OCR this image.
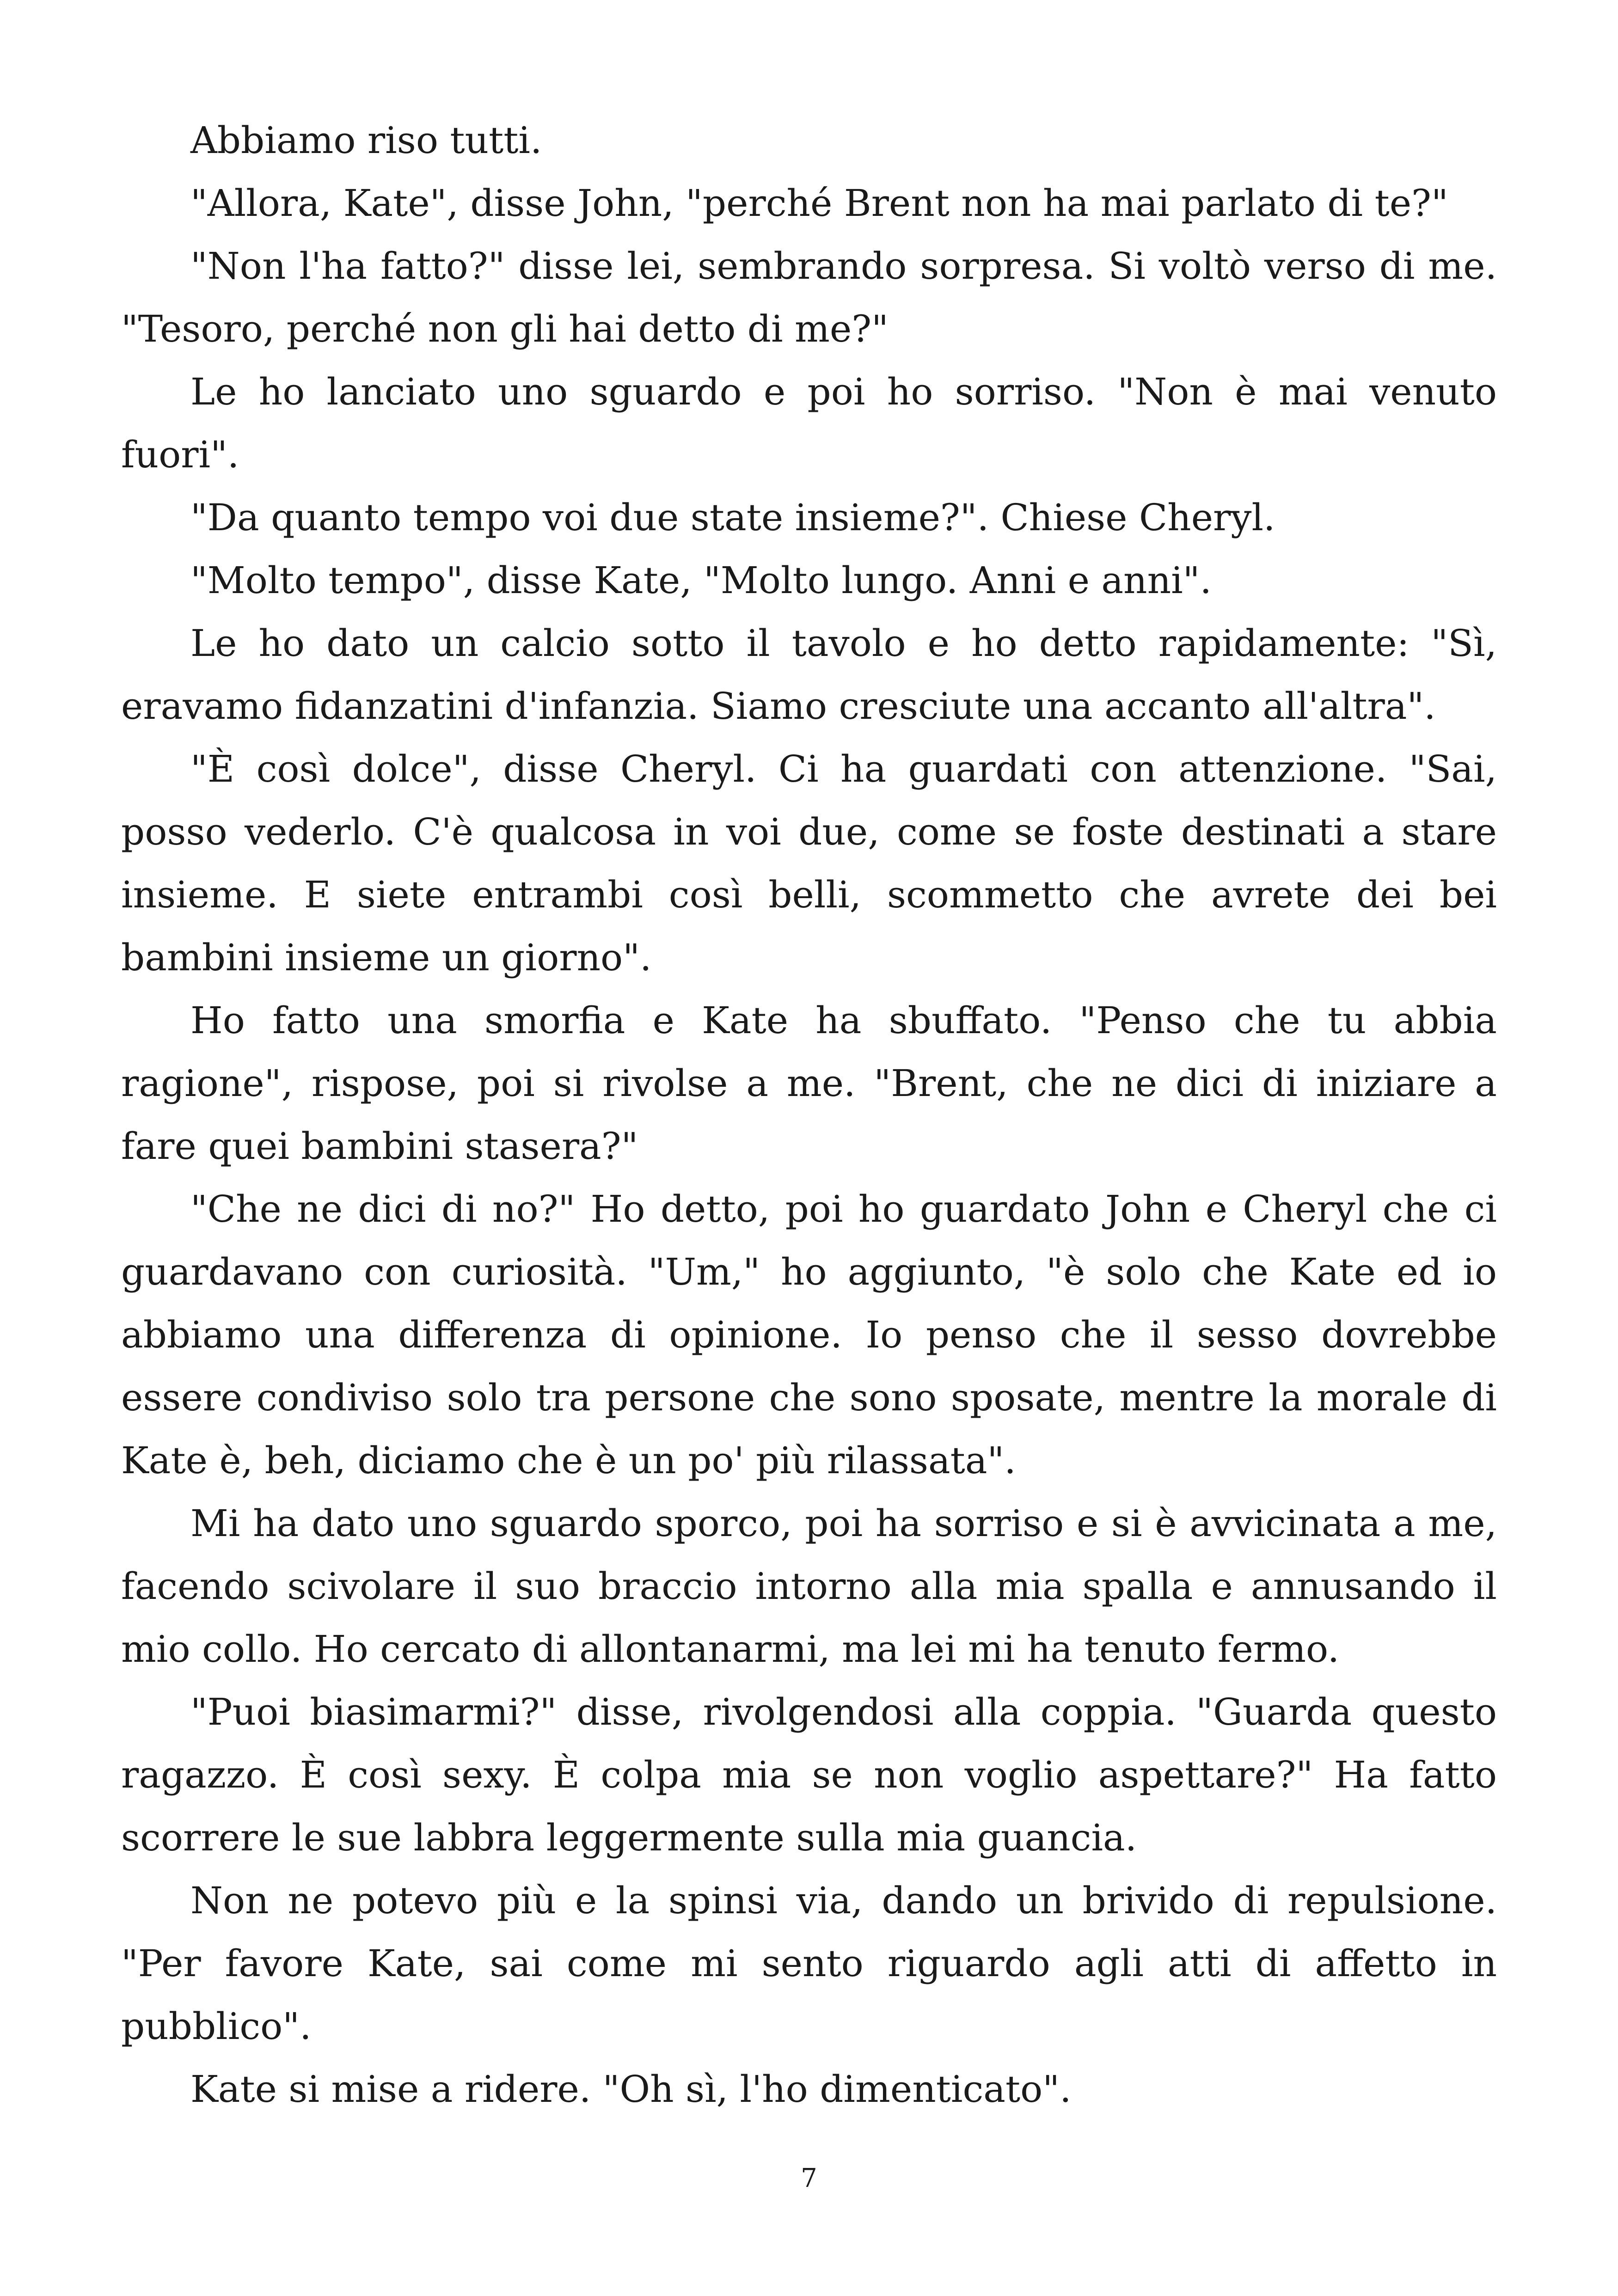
Abbiamo riso tutti.

"Allora, Kate", disse John, "perché Brent non ha mai parlato di te?"

"Non l'ha fatto?" disse lei, sembrando sorpresa. Si voltò verso di me. "Tesoro, perché non gli hai detto di me?"

Le ho lanciato uno sguardo e poi ho sorriso. "Non è mai venuto fuori".

"Da quanto tempo voi due state insieme?". Chiese Cheryl.

"Molto tempo", disse Kate, "Molto lungo. Anni e anni".

Le ho dato un calcio sotto il tavolo e ho detto rapidamente: "Sì, eravamo fidanzatini d'infanzia. Siamo cresciute una accanto all'altra".

"È così dolce", disse Cheryl. Ci ha guardati con attenzione. "Sai, posso vederlo. C'è qualcosa in voi due, come se foste destinati a stare insieme. E siete entrambi così belli, scommetto che avrete dei bei bambini insieme un giorno".

Ho fatto una smorfia e Kate ha sbuffato. "Penso che tu abbia ragione", rispose, poi si rivolse a me. "Brent, che ne dici di iniziare a fare quei bambini stasera?"

"Che ne dici di no?" Ho detto, poi ho guardato John e Cheryl che ci guardavano con curiosità. "Um," ho aggiunto, "è solo che Kate ed io abbiamo una differenza di opinione. Io penso che il sesso dovrebbe essere condiviso solo tra persone che sono sposate, mentre la morale di Kate è, beh, diciamo che è un po' più rilassata".

Mi ha dato uno sguardo sporco, poi ha sorriso e si è avvicinata a me, facendo scivolare il suo braccio intorno alla mia spalla e annusando il mio collo. Ho cercato di allontanarmi, ma lei mi ha tenuto fermo.

"Puoi biasimarmi?" disse, rivolgendosi alla coppia. "Guarda questo ragazzo. È così sexy. È colpa mia se non voglio aspettare?" Ha fatto scorrere le sue labbra leggermente sulla mia guancia.

Non ne potevo più e la spinsi via, dando un brivido di repulsione. "Per favore Kate, sai come mi sento riguardo agli atti di affetto in pubblico".

Kate si mise a ridere. "Oh sì, l'ho dimenticato".

7
